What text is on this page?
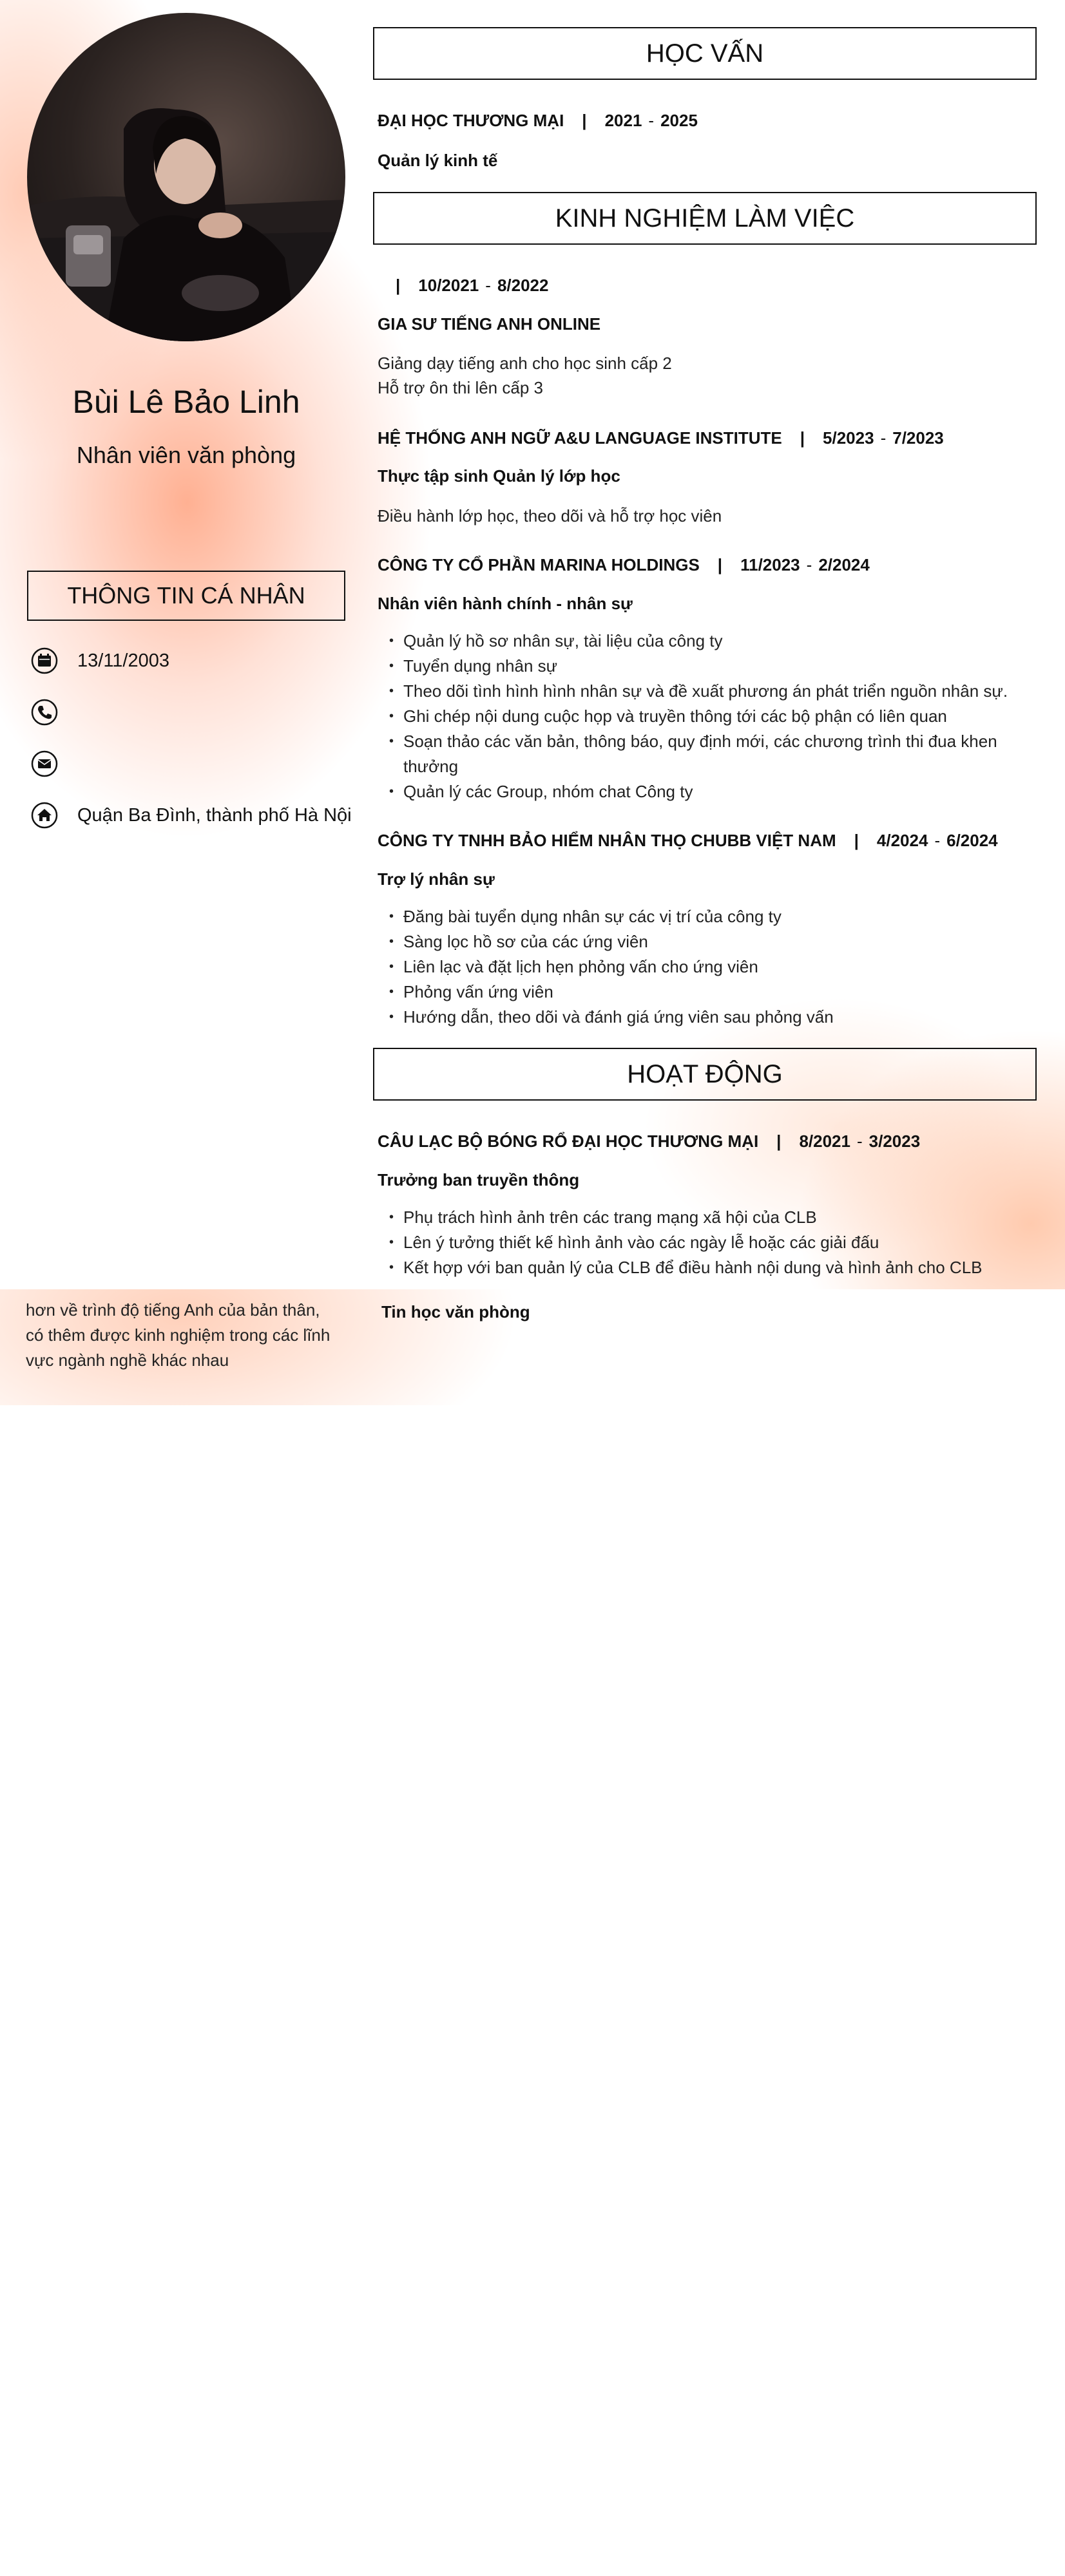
Bùi Lê Bảo Linh
Nhân viên văn phòng
THÔNG TIN CÁ NHÂN
13/11/2003
Quận Ba Đình, thành phố Hà Nội
HỌC VẤN
ĐẠI HỌC THƯƠNG MẠI | 2021 - 2025
Quản lý kinh tế
KINH NGHIỆM LÀM VIỆC
| 10/2021 - 8/2022
GIA SƯ TIẾNG ANH ONLINE
Giảng dạy tiếng anh cho học sinh cấp 2
Hỗ trợ ôn thi lên cấp 3
HỆ THỐNG ANH NGỮ A&U LANGUAGE INSTITUTE | 5/2023 - 7/2023
Thực tập sinh Quản lý lớp học
Điều hành lớp học, theo dõi và hỗ trợ học viên
CÔNG TY CỔ PHẦN MARINA HOLDINGS | 11/2023 - 2/2024
Nhân viên hành chính - nhân sự
• Quản lý hồ sơ nhân sự, tài liệu của công ty
• Tuyển dụng nhân sự
• Theo dõi tình hình hình nhân sự và đề xuất phương án phát triển nguồn nhân sự.
• Ghi chép nội dung cuộc họp và truyền thông tới các bộ phận có liên quan
• Soạn thảo các văn bản, thông báo, quy định mới, các chương trình thi đua khen thưởng
• Quản lý các Group, nhóm chat Công ty
CÔNG TY TNHH BẢO HIỂM NHÂN THỌ CHUBB VIỆT NAM | 4/2024 - 6/2024
Trợ lý nhân sự
• Đăng bài tuyển dụng nhân sự các vị trí của công ty
• Sàng lọc hồ sơ của các ứng viên
• Liên lạc và đặt lịch hẹn phỏng vấn cho ứng viên
• Phỏng vấn ứng viên
• Hướng dẫn, theo dõi và đánh giá ứng viên sau phỏng vấn
HOẠT ĐỘNG
CÂU LẠC BỘ BÓNG RỔ ĐẠI HỌC THƯƠNG MẠI | 8/2021 - 3/2023
Trưởng ban truyền thông
• Phụ trách hình ảnh trên các trang mạng xã hội của CLB
• Lên ý tưởng thiết kế hình ảnh vào các ngày lễ hoặc các giải đấu
• Kết hợp với ban quản lý của CLB để điều hành nội dung và hình ảnh cho CLB
hơn về trình độ tiếng Anh của bản thân,
có thêm được kinh nghiệm trong các lĩnh
vực ngành nghề khác nhau
Tin học văn phòng
